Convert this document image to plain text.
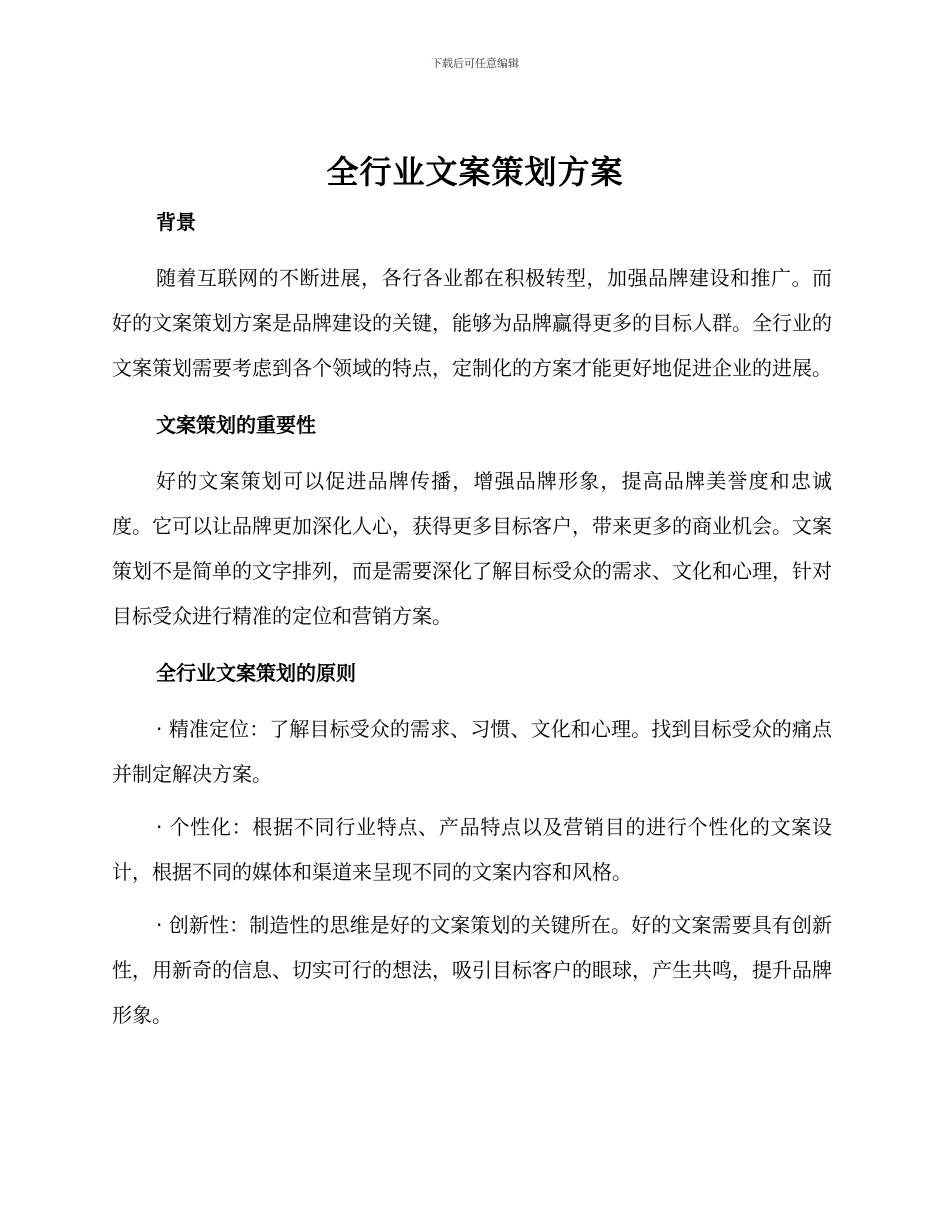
下载后可任意编辑
全行业文案策划方案
背景

随着互联网的不断进展，各行各业都在积极转型，加强品牌建设和推广。而好的文案策划方案是品牌建设的关键，能够为品牌赢得更多的目标人群。全行业的文案策划需要考虑到各个领域的特点，定制化的方案才能更好地促进企业的进展。

文案策划的重要性

好的文案策划可以促进品牌传播，增强品牌形象，提高品牌美誉度和忠诚度。它可以让品牌更加深化人心，获得更多目标客户，带来更多的商业机会。文案策划不是简单的文字排列，而是需要深化了解目标受众的需求、文化和心理，针对目标受众进行精准的定位和营销方案。

全行业文案策划的原则

· 精准定位：了解目标受众的需求、习惯、文化和心理。找到目标受众的痛点并制定解决方案。

· 个性化：根据不同行业特点、产品特点以及营销目的进行个性化的文案设计，根据不同的媒体和渠道来呈现不同的文案内容和风格。

· 创新性：制造性的思维是好的文案策划的关键所在。好的文案需要具有创新性，用新奇的信息、切实可行的想法，吸引目标客户的眼球，产生共鸣，提升品牌形象。
